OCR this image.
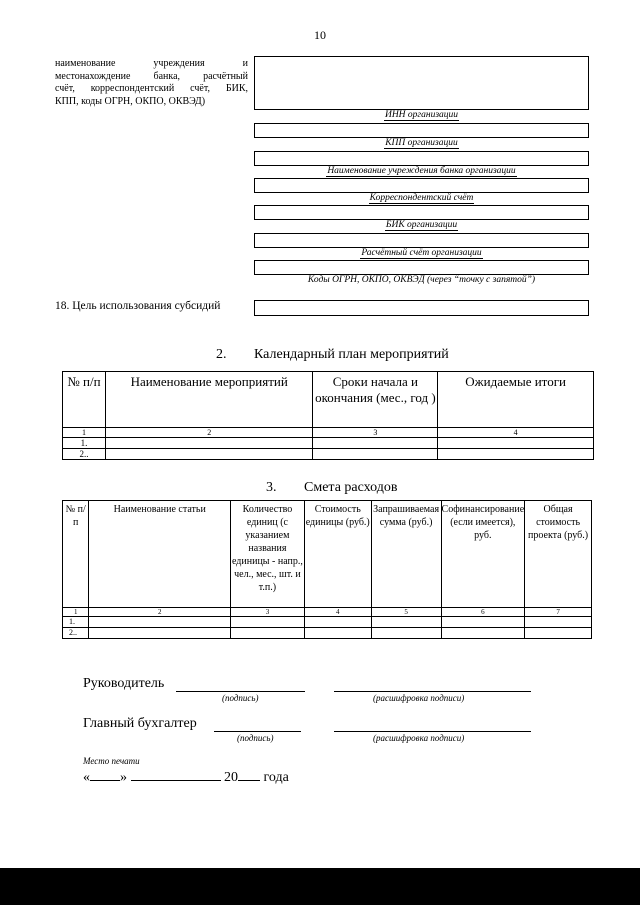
10
наименование учреждения и
местонахождение банка, расчётный
счёт, корреспондентский счёт, БИК,
КПП, коды ОГРН, ОКПО, ОКВЭД)
ИНН организации
КПП организации
Наименование учреждения банка организации
Корреспондентский счёт
БИК организации
Расчётный счёт организации
Коды ОГРН, ОКПО, ОКВЭД (через “точку с запятой”)
18. Цель использования субсидий
2. Календарный план мероприятий
№ п/п	Наименование мероприятий	Сроки начала и окончания (мес., год )	Ожидаемые итоги
1	2	3	4
1.			
2..			
3. Смета расходов
№ п/п	Наименование статьи	Количество единиц (с указанием названия единицы - напр., чел., мес., шт. и т.п.)	Стоимость единицы (руб.)	Запрашиваемая сумма (руб.)	Софинансирование (если имеется), руб.	Общая стоимость проекта (руб.)
1	2	3	4	5	6	7
1.						
2..						
Руководитель
(подпись)	(расшифровка подписи)
Главный бухгалтер
(подпись)	(расшифровка подписи)
Место печати
« »	20 года
